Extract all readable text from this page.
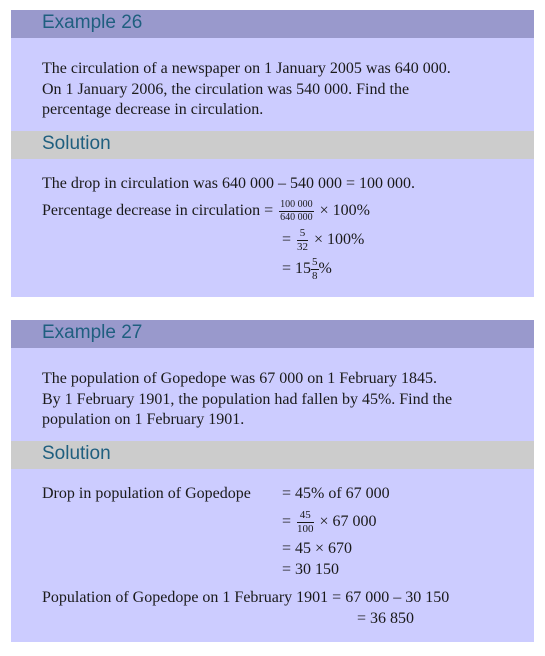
Example 26
The circulation of a newspaper on 1 January 2005 was 640 000.
On 1 January 2006, the circulation was 540 000. Find the
percentage decrease in circulation.
Solution
The drop in circulation was 640 000 – 540 000 = 100 000.
Percentage decrease in circulation = $\frac{100 000}{640 000} \times 100\%$
= $\frac{5}{32} \times 100\%$
= $15 \frac{5}{8}$ %
Example 27
The population of Gopedope was 67 000 on 1 February 1845.
By 1 February 1901, the population had fallen by 45%. Find the
population on 1 February 1901.
Solution
Drop in population of Gopedope = 45% of 67 000
= $\frac{45}{100} \times 67$ 000
= 45 × 670
= 30 150
Population of Gopedope on 1 February 1901 = 67 000 – 30 150
= 36 850
